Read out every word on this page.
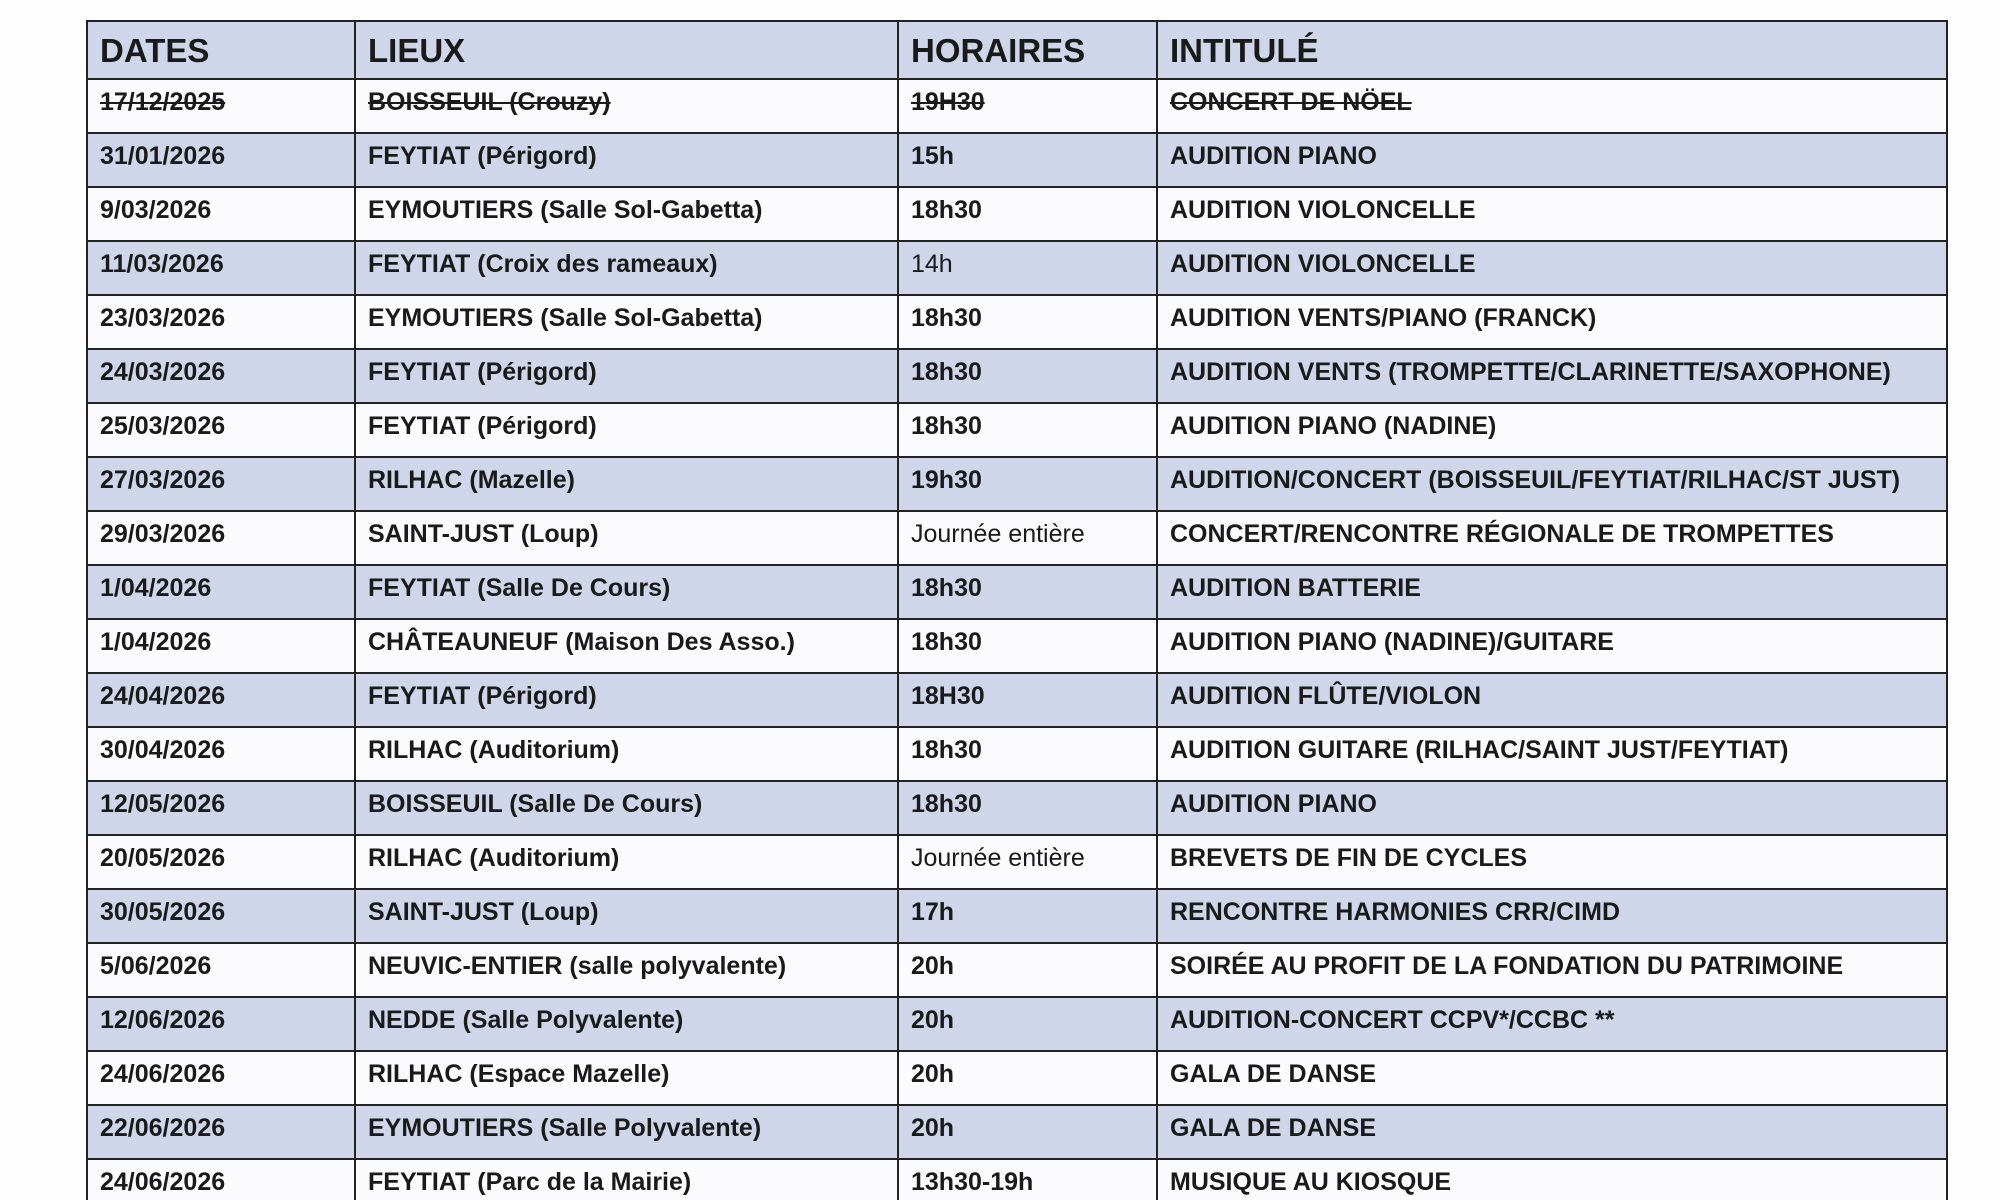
DATES	LIEUX	HORAIRES	INTITULÉ
17/12/2025	BOISSEUIL (Crouzy)	19H30	CONCERT DE NÖEL
31/01/2026	FEYTIAT (Périgord)	15h	AUDITION PIANO
9/03/2026	EYMOUTIERS (Salle Sol-Gabetta)	18h30	AUDITION VIOLONCELLE
11/03/2026	FEYTIAT (Croix des rameaux)	14h	AUDITION VIOLONCELLE
23/03/2026	EYMOUTIERS (Salle Sol-Gabetta)	18h30	AUDITION VENTS/PIANO (FRANCK)
24/03/2026	FEYTIAT (Périgord)	18h30	AUDITION VENTS (TROMPETTE/CLARINETTE/SAXOPHONE)
25/03/2026	FEYTIAT (Périgord)	18h30	AUDITION PIANO (NADINE)
27/03/2026	RILHAC (Mazelle)	19h30	AUDITION/CONCERT (BOISSEUIL/FEYTIAT/RILHAC/ST JUST)
29/03/2026	SAINT-JUST (Loup)	Journée entière	CONCERT/RENCONTRE RÉGIONALE DE TROMPETTES
1/04/2026	FEYTIAT (Salle De Cours)	18h30	AUDITION BATTERIE
1/04/2026	CHÂTEAUNEUF (Maison Des Asso.)	18h30	AUDITION PIANO (NADINE)/GUITARE
24/04/2026	FEYTIAT (Périgord)	18H30	AUDITION FLÛTE/VIOLON
30/04/2026	RILHAC (Auditorium)	18h30	AUDITION GUITARE (RILHAC/SAINT JUST/FEYTIAT)
12/05/2026	BOISSEUIL (Salle De Cours)	18h30	AUDITION PIANO
20/05/2026	RILHAC (Auditorium)	Journée entière	BREVETS DE FIN DE CYCLES
30/05/2026	SAINT-JUST (Loup)	17h	RENCONTRE HARMONIES CRR/CIMD
5/06/2026	NEUVIC-ENTIER (salle polyvalente)	20h	SOIRÉE AU PROFIT DE LA FONDATION DU PATRIMOINE
12/06/2026	NEDDE (Salle Polyvalente)	20h	AUDITION-CONCERT CCPV*/CCBC **
24/06/2026	RILHAC (Espace Mazelle)	20h	GALA DE DANSE
22/06/2026	EYMOUTIERS (Salle Polyvalente)	20h	GALA DE DANSE
24/06/2026	FEYTIAT (Parc de la Mairie)	13h30-19h	MUSIQUE AU KIOSQUE
